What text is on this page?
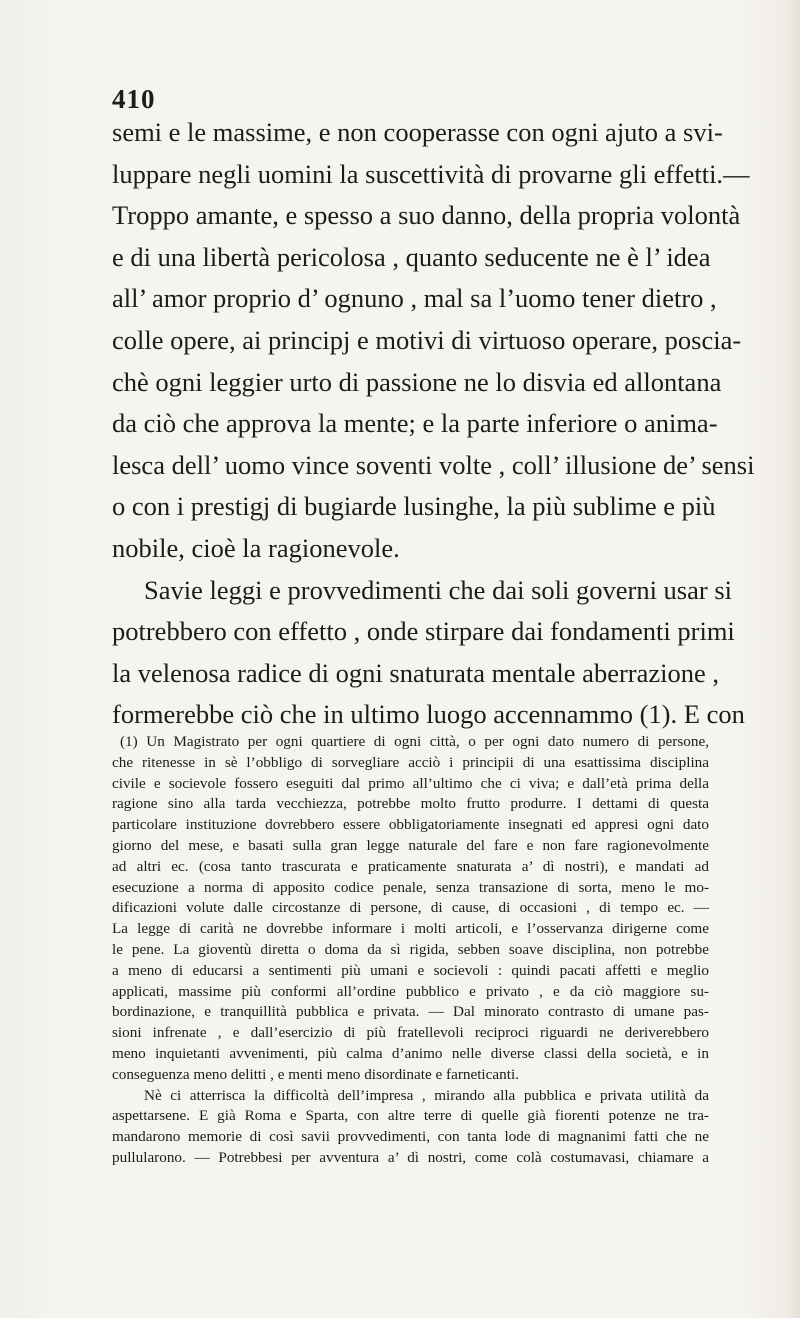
410
semi e le massime, e non cooperasse con ogni ajuto a svi-
luppare negli uomini la suscettività di provarne gli effetti.—
Troppo amante, e spesso a suo danno, della propria volontà
e di una libertà pericolosa , quanto seducente ne è l’ idea
all’ amor proprio d’ ognuno , mal sa l’uomo tener dietro ,
colle opere, ai principj e motivi di virtuoso operare, poscia-
chè ogni leggier urto di passione ne lo disvia ed allontana
da ciò che approva la mente; e la parte inferiore o anima-
lesca dell’ uomo vince soventi volte , coll’ illusione de’ sensi
o con i prestigj di bugiarde lusinghe, la più sublime e più
nobile, cioè la ragionevole.
Savie leggi e provvedimenti che dai soli governi usar si
potrebbero con effetto , onde stirpare dai fondamenti primi
la velenosa radice di ogni snaturata mentale aberrazione ,
formerebbe ciò che in ultimo luogo accennammo (1). E con
(1) Un Magistrato per ogni quartiere di ogni città, o per ogni dato numero di persone,
che ritenesse in sè l’obbligo di sorvegliare acciò i principii di una esattissima disciplina
civile e socievole fossero eseguiti dal primo all’ultimo che ci viva; e dall’età prima della
ragione sino alla tarda vecchiezza, potrebbe molto frutto produrre. I dettami di questa
particolare instituzione dovrebbero essere obbligatoriamente insegnati ed appresi ogni dato
giorno del mese, e basati sulla gran legge naturale del fare e non fare ragionevolmente
ad altri ec. (cosa tanto trascurata e praticamente snaturata a’ dì nostri), e mandati ad
esecuzione a norma di apposito codice penale, senza transazione di sorta, meno le mo-
dificazioni volute dalle circostanze di persone, di cause, di occasioni , di tempo ec. —
La legge di carità ne dovrebbe informare i molti articoli, e l’osservanza dirigerne come
le pene. La gioventù diretta o doma da sì rigida, sebben soave disciplina, non potrebbe
a meno di educarsi a sentimenti più umani e socievoli : quindi pacati affetti e meglio
applicati, massime più conformi all’ordine pubblico e privato , e da ciò maggiore su-
bordinazione, e tranquillità pubblica e privata. — Dal minorato contrasto di umane pas-
sioni infrenate , e dall’esercizio di più fratellevoli reciproci riguardi ne deriverebbero
meno inquietanti avvenimenti, più calma d’animo nelle diverse classi della società, e in
conseguenza meno delitti , e menti meno disordinate e farneticanti.
Nè ci atterrisca la difficoltà dell’impresa , mirando alla pubblica e privata utilità da
aspettarsene. E già Roma e Sparta, con altre terre di quelle già fiorenti potenze ne tra-
mandarono memorie di così savii provvedimenti, con tanta lode di magnanimi fatti che ne
pullularono. — Potrebbesi per avventura a’ dì nostri, come colà costumavasi, chiamare a
